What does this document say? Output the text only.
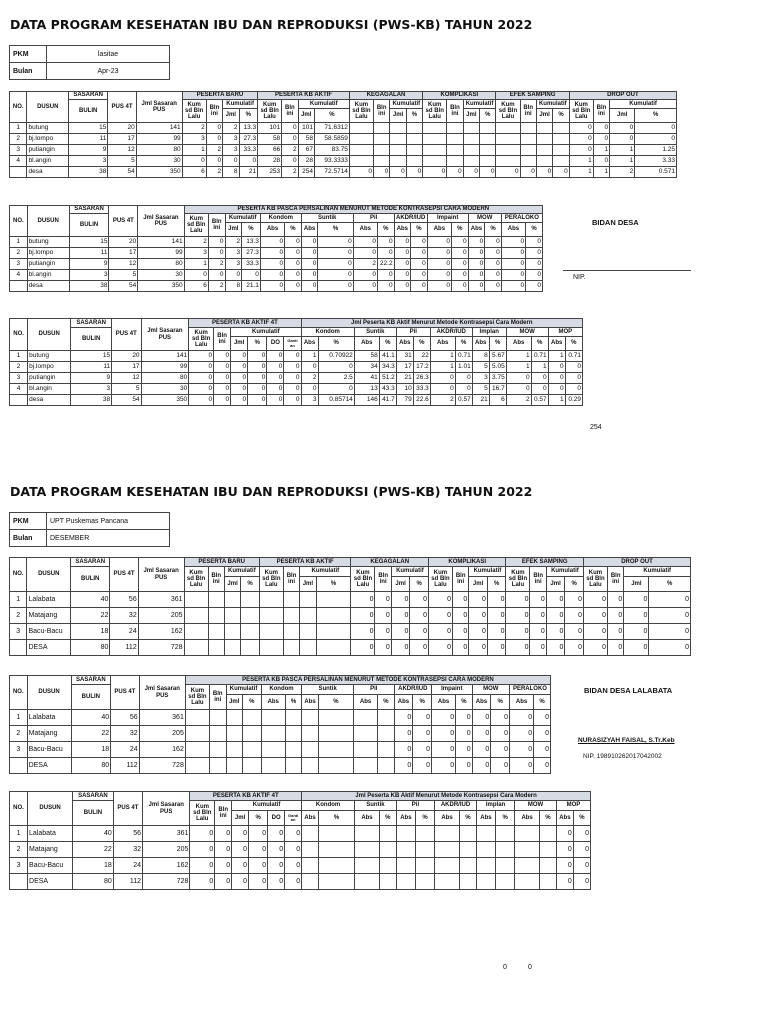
DATA PROGRAM KESEHATAN IBU DAN REPRODUKSI (PWS-KB) TAHUN 2022
PKM	lasitae
Bulan	Apr-23
NO.	DUSUN	SASARAN	PUS 4T	Jml Sasaran PUS	PESERTA BARU				PESERTA KB AKTIF				KEGAGALAN				KOMPLIKASI				EFEK SAMPING				DROP OUT			
		BULIN			Kum sd Bln Lalu	Bln ini	Kumulatif		Kum sd Bln Lalu	Bln ini	Kumulatif		Kum sd Bln Lalu	Bln ini	Kumulatif		Kum sd Bln Lalu	Bln ini	Kumulatif		Kum sd Bln Lalu	Bln ini	Kumulatif		Kum sd Bln Lalu	Bln ini	Kumulatif	
							Jml	%			Jml	%			Jml	%			Jml	%			Jml	%			Jml	%
1	butung	15	20	141	2	0	2	13.3	101	0	101	71.6312													0	0	0	0
2	bj.lompo	11	17	99	3	0	3	27.3	58	0	58	58.5859													0	0	0	0
3	putiangin	9	12	80	1	2	3	33.3	66	2	67	83.75													0	1	1	1.25
4	bl.angin	3	5	30	0	0	0	0	28	0	28	93.3333													1	0	1	3.33
	desa	38	54	350	6	2	8	21	253	2	254	72.5714	0	0	0	0	0	0	0	0	0	0	0	0	1	1	2	0.571
NO.	DUSUN	SASARAN	PUS 4T	Jml Sasaran PUS	PESERTA KB PASCA PERSALINAN MENURUT METODE KONTRASEPSI CARA MODERN																	
		BULIN			Kum sd Bln Lalu	Bln ini	Kumulatif		Kondom		Suntik		Pil		AKDR/IUD		Impaint		MOW		PERALOKO	
							Jml	%	Abs	%	Abs	%	Abs	%	Abs	%	Abs	%	Abs	%	Abs	%
1	butung	15	20	141	2	0	2	13.3	0	0	0	0	0	0	0	0	0	0	0	0	0	0
2	bj.lompo	11	17	99	3	0	3	27.3	0	0	0	0	0	0	0	0	0	0	0	0	0	0
3	putiangin	9	12	80	1	2	3	33.3	0	0	0	0	2	22.2	0	0	0	0	0	0	0	0
4	bl.angin	3	5	30	0	0	0	0	0	0	0	0	0	0	0	0	0	0	0	0	0	0
	desa	38	54	350	6	2	8	21.1	0	0	0	0	0	0	0	0	0	0	0	0	0	0
BIDAN DESA
NIP.
NO.	DUSUN	SASARAN	PUS 4T	Jml Sasaran PUS	PESERTA KB AKTIF 4T						Jml Peserta KB Aktif Menurut Metode Kontrasepsi Cara Modern													
		BULIN			Kum sd Bln Lalu	Bln ini	Kumulatif				Kondom		Suntik		Pil		AKDR/IUD		Implan		MOW		MOP	
							Jml	%	DO	Ganti an	Abs	%	Abs	%	Abs	%	Abs	%	Abs	%	Abs	%	Abs	%
1	butung	15	20	141	0	0	0	0	0	0	1	0.70922	58	41.1	31	22	1	0.71	8	5.67	1	0.71	1	0.71
2	bj.lompo	11	17	99	0	0	0	0	0	0	0	0	34	34.3	17	17.2	1	1.01	5	5.05	1	1	0	0
3	putiangin	9	12	80	0	0	0	0	0	0	2	2.5	41	51.2	21	26.3	0	0	3	3.75	0	0	0	0
4	bl.angin	3	5	30	0	0	0	0	0	0	0	0	13	43.3	10	33.3	0	0	5	16.7	0	0	0	0
	desa	38	54	350	0	0	0	0	0	0	3	0.85714	146	41.7	79	22.6	2	0.57	21	6	2	0.57	1	0.29
254
DATA PROGRAM KESEHATAN IBU DAN REPRODUKSI (PWS-KB) TAHUN 2022
PKM	UPT Puskemas Pancana
Bulan	DESEMBER
NO.	DUSUN	SASARAN	PUS 4T	Jml Sasaran PUS	PESERTA BARU				PESERTA KB AKTIF				KEGAGALAN				KOMPLIKASI				EFEK SAMPING				DROP OUT			
		BULIN			Kum sd Bln Lalu	Bln ini	Kumulatif		Kum sd Bln Lalu	Bln ini	Kumulatif		Kum sd Bln Lalu	Bln ini	Kumulatif		Kum sd Bln Lalu	Bln ini	Kumulatif		Kum sd Bln Lalu	Bln ini	Kumulatif		Kum sd Bln Lalu	Bln ini	Kumulatif	
							Jml	%			Jml	%			Jml	%			Jml	%			Jml	%			Jml	%
1	Lalabata	40	56	361									0	0	0	0	0	0	0	0	0	0	0	0	0	0	0	0
2	Matajang	22	32	205									0	0	0	0	0	0	0	0	0	0	0	0	0	0	0	0
3	Bacu-Bacu	18	24	162									0	0	0	0	0	0	0	0	0	0	0	0	0	0	0	0
	DESA	80	112	728									0	0	0	0	0	0	0	0	0	0	0	0	0	0	0	0
NO.	DUSUN	SASARAN	PUS 4T	Jml Sasaran PUS	PESERTA KB PASCA PERSALINAN MENURUT METODE KONTRASEPSI CARA MODERN																	
		BULIN			Kum sd Bln Lalu	Bln ini	Kumulatif		Kondom		Suntik		Pil		AKDR/IUD		Impaint		MOW		PERALOKO	
							Jml	%	Abs	%	Abs	%	Abs	%	Abs	%	Abs	%	Abs	%	Abs	%
1	Lalabata	40	56	361											0	0	0	0	0	0	0	0
2	Matajang	22	32	205											0	0	0	0	0	0	0	0
3	Bacu-Bacu	18	24	162											0	0	0	0	0	0	0	0
	DESA	80	112	728											0	0	0	0	0	0	0	0
BIDAN DESA LALABATA
NURASIZYAH FAISAL, S.Tr.Keb
NIP. 198910262017042002
NO.	DUSUN	SASARAN	PUS 4T	Jml Sasaran PUS	PESERTA KB AKTIF 4T						Jml Peserta KB Aktif Menurut Metode Kontrasepsi Cara Modern													
		BULIN			Kum sd Bln Lalu	Bln ini	Kumulatif				Kondom		Suntik		Pil		AKDR/IUD		Implan		MOW		MOP	
							Jml	%	DO	Ganti an	Abs	%	Abs	%	Abs	%	Abs	%	Abs	%	Abs	%	Abs	%
1	Lalabata	40	56	361	0	0	0	0	0	0													0	0
2	Matajang	22	32	205	0	0	0	0	0	0													0	0
3	Bacu-Bacu	18	24	162	0	0	0	0	0	0													0	0
	DESA	80	112	728	0	0	0	0	0	0													0	0
0	0
